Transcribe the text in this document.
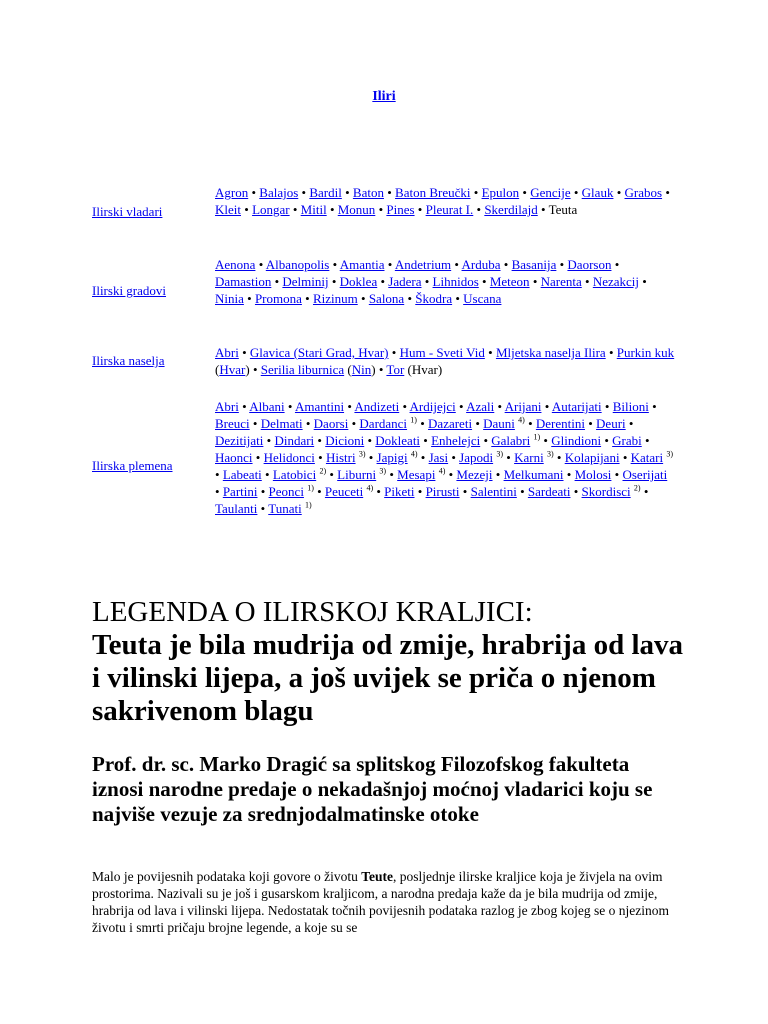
Iliri
Ilirski vladari
Agron • Balajos • Bardil • Baton • Baton Breučki • Epulon • Gencije • Glauk • Grabos • Kleit • Longar • Mitil • Monun • Pines • Pleurat I. • Skerdilajd • Teuta
Ilirski gradovi
Aenona • Albanopolis • Amantia • Andetrium • Arduba • Basanija • Daorson • Damastion • Delminij • Doklea • Jadera • Lihnidos • Meteon • Narenta • Nezakcij • Ninia • Promona • Rizinum • Salona • Škodra • Uscana
Ilirska naselja
Abri • Glavica (Stari Grad, Hvar) • Hum - Sveti Vid • Mljetska naselja Ilira • Purkin kuk (Hvar) • Serilia liburnica (Nin) • Tor (Hvar)
Ilirska plemena
Abri • Albani • Amantini • Andizeti • Ardijejci • Azali • Arijani • Autarijati • Bilioni • Breuci • Delmati • Daorsi • Dardanci $^{1)}$ • Dazareti • Dauni $^{4)}$ • Derentini • Deuri • Dezitijati • Dindari • Dicioni • Dokleati • Enhelejci • Galabri $^{1)}$ • Glindioni • Grabi • Haonci • Helidonci • Histri $^{3)}$ • Japigi $^{4)}$ • Jasi • Japodi $^{3)}$ • Karni $^{3)}$ • Kolapijani • Katari $^{3)}$ • Labeati • Latobici $^{2)}$ • Liburni $^{3)}$ • Mesapi $^{4)}$ • Mezeji • Melkumani • Molosi • Oserijati • Partini • Peonci $^{1)}$ • Peuceti $^{4)}$ • Piketi • Pirusti • Salentini • Sardeati • Skordisci $^{2)}$ • Taulanti • Tunati $^{1)}$
LEGENDA O ILIRSKOJ KRALJICI:
Teuta je bila mudrija od zmije, hrabrija od lava i vilinski lijepa, a još uvijek se priča o njenom sakrivenom blagu
Prof. dr. sc. Marko Dragić sa splitskog Filozofskog fakulteta iznosi narodne predaje o nekadašnjoj moćnoj vladarici koju se najviše vezuje za srednjodalmatinske otoke

Malo je povijesnih podataka koji govore o životu Teute, posljednje ilirske kraljice koja je živjela na ovim prostorima. Nazivali su je još i gusarskom kraljicom, a narodna predaja kaže da je bila mudrija od zmije, hrabrija od lava i vilinski lijepa. Nedostatak točnih povijesnih podataka razlog je zbog kojeg se o njezinom životu i smrti pričaju brojne legende, a koje su se
